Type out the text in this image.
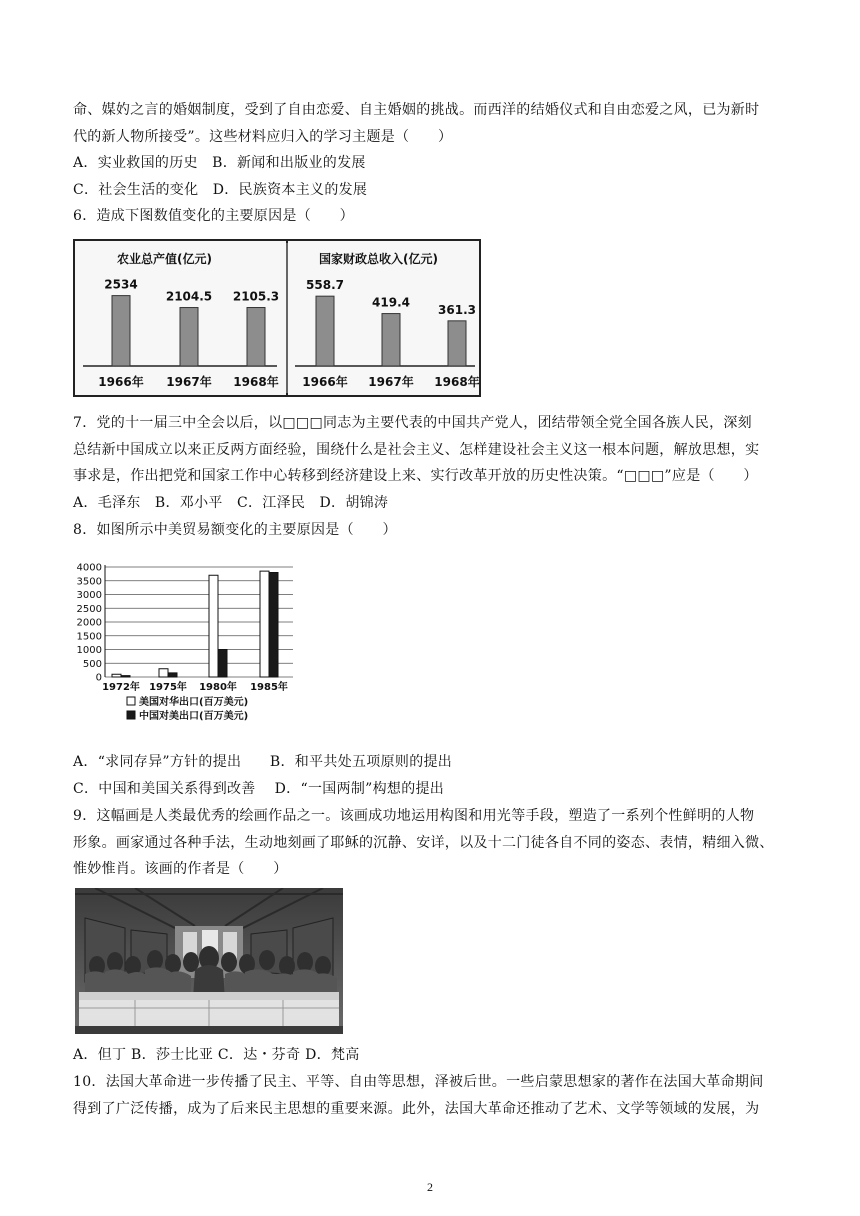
命、媒妁之言的婚姻制度，受到了自由恋爱、自主婚姻的挑战。而西洋的结婚仪式和自由恋爱之风，已为新时
代的新人物所接受”。这些材料应归入的学习主题是（　　）
A．实业救国的历史　B．新闻和出版业的发展
C．社会生活的变化　D．民族资本主义的发展
6．造成下图数值变化的主要原因是（　　）
农业总产值(亿元)	国家财政总收入(亿元)
2534
1966年
2104.5
1967年
2105.3
1968年
558.7
1966年
419.4
1967年
361.3
1968年
7．党的十一届三中全会以后，以□□□同志为主要代表的中国共产党人，团结带领全党全国各族人民，深刻
总结新中国成立以来正反两方面经验，围绕什么是社会主义、怎样建设社会主义这一根本问题，解放思想，实
事求是，作出把党和国家工作中心转移到经济建设上来、实行改革开放的历史性决策。“□□□”应是（　　）
A．毛泽东　B．邓小平　C．江泽民　D．胡锦涛
8．如图所示中美贸易额变化的主要原因是（　　）
4000
3500
3000
2500
2000
1500
1000
500
0
1972年 1975年 1980年 1985年
美国对华出口(百万美元)
中国对美出口(百万美元)
A．“求同存异”方针的提出　　B．和平共处五项原则的提出
C．中国和美国关系得到改善　 D．“一国两制”构想的提出
9．这幅画是人类最优秀的绘画作品之一。该画成功地运用构图和用光等手段，塑造了一系列个性鲜明的人物
形象。画家通过各种手法，生动地刻画了耶稣的沉静、安详，以及十二门徒各自不同的姿态、表情，精细入微、
惟妙惟肖。该画的作者是（　　）
A．但丁 B．莎士比亚 C．达・芬奇 D．梵高
10．法国大革命进一步传播了民主、平等、自由等思想，泽被后世。一些启蒙思想家的著作在法国大革命期间
得到了广泛传播，成为了后来民主思想的重要来源。此外，法国大革命还推动了艺术、文学等领域的发展，为
2
